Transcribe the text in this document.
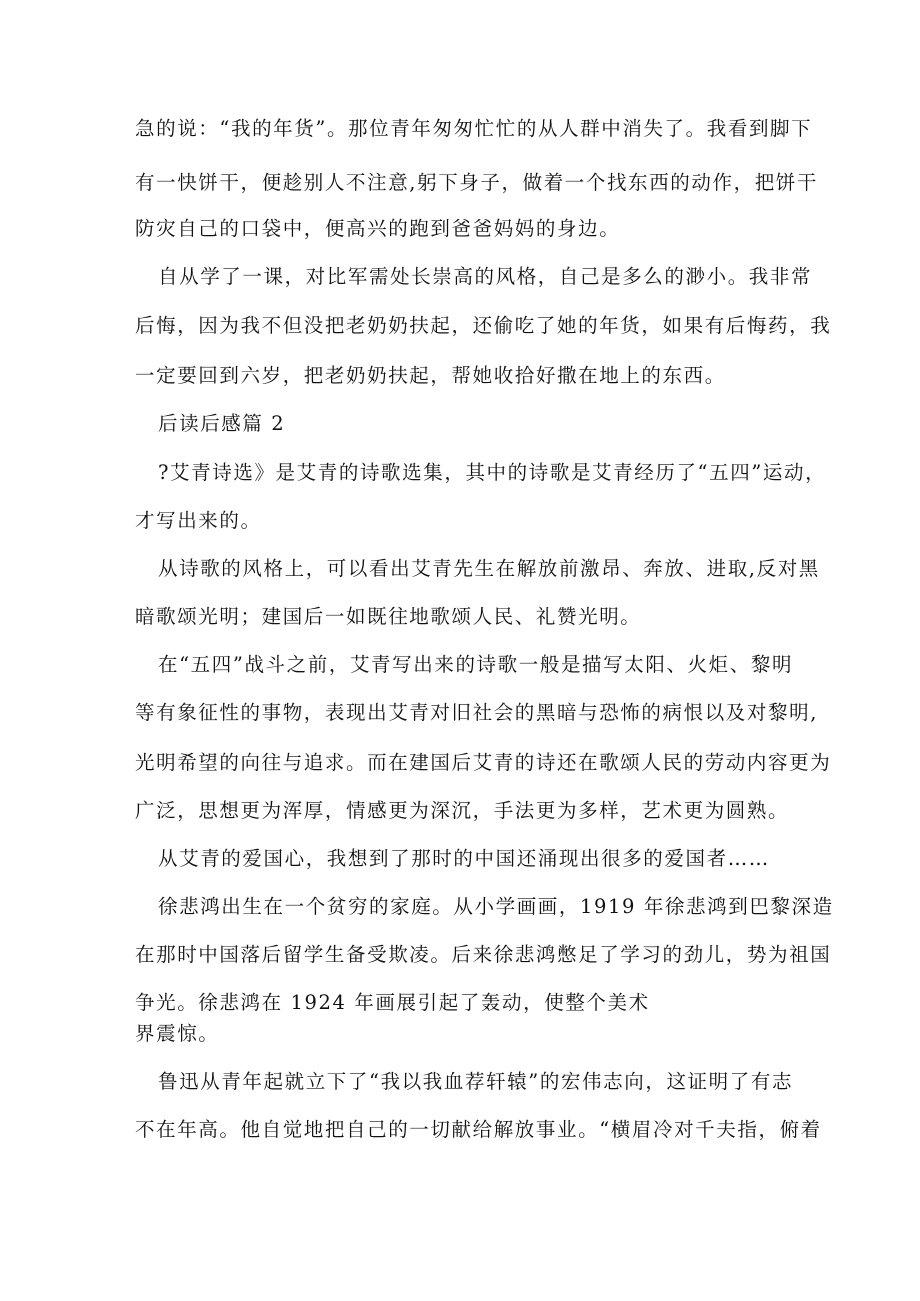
急的说：“我的年货”。那位青年匆匆忙忙的从人群中消失了。我看到脚下

有一快饼干，便趁别人不注意,躬下身子，做着一个找东西的动作，把饼干

防灾自己的口袋中，便高兴的跑到爸爸妈妈的身边。

自从学了一课，对比军需处长崇高的风格，自己是多么的渺小。我非常

后悔，因为我不但没把老奶奶扶起，还偷吃了她的年货，如果有后悔药，我

一定要回到六岁，把老奶奶扶起，帮她收拾好撒在地上的东西。

后读后感篇 2

?艾青诗选》是艾青的诗歌选集，其中的诗歌是艾青经历了“五四”运动，

才写出来的。

从诗歌的风格上，可以看出艾青先生在解放前激昂、奔放、进取,反对黑

暗歌颂光明；建国后一如既往地歌颂人民、礼赞光明。

在“五四”战斗之前，艾青写出来的诗歌一般是描写太阳、火炬、黎明

等有象征性的事物，表现出艾青对旧社会的黑暗与恐怖的病恨以及对黎明,

光明希望的向往与追求。而在建国后艾青的诗还在歌颂人民的劳动内容更为

广泛，思想更为浑厚，情感更为深沉，手法更为多样，艺术更为圆熟。

从艾青的爱国心，我想到了那时的中国还涌现出很多的爱国者……

徐悲鸿出生在一个贫穷的家庭。从小学画画，1919 年徐悲鸿到巴黎深造

在那时中国落后留学生备受欺凌。后来徐悲鸿憋足了学习的劲儿，势为祖国

争光。徐悲鸿在 1924 年画展引起了轰动，使整个美术

界震惊。

鲁迅从青年起就立下了“我以我血荐轩辕”的宏伟志向，这证明了有志

不在年高。他自觉地把自己的一切献给解放事业。“横眉冷对千夫指，俯着
